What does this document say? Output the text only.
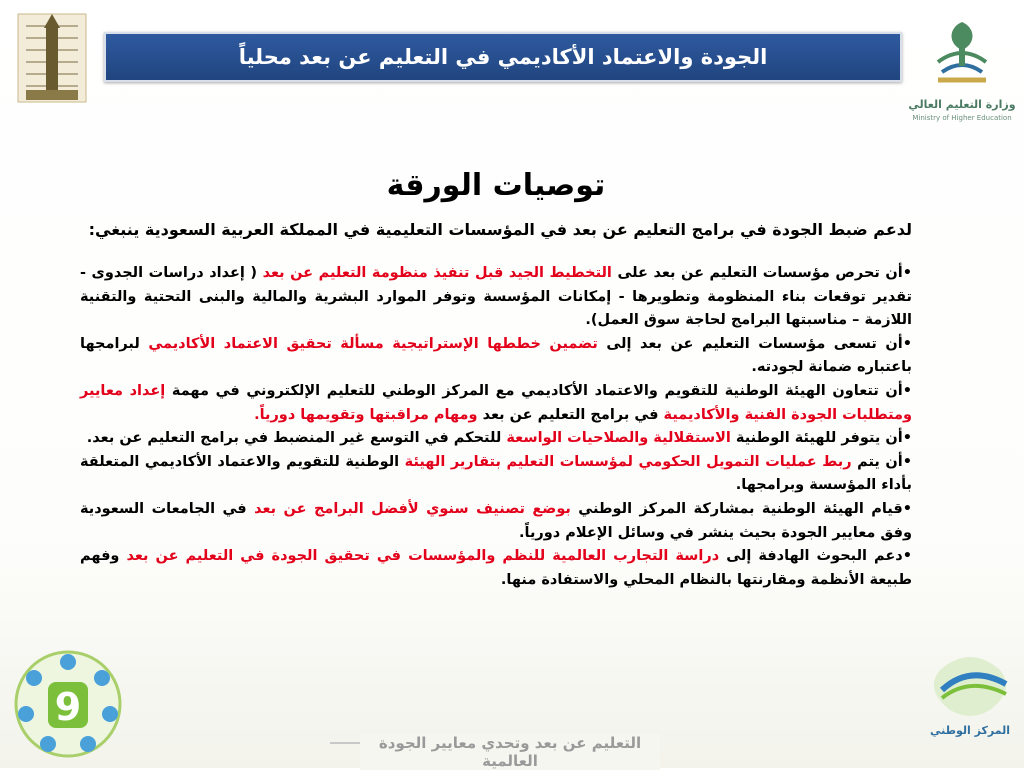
الجودة والاعتماد الأكاديمي في التعليم عن بعد محلياً
وزارة التعليم العالي
Ministry of Higher Education
توصيات الورقة

لدعم ضبط الجودة في برامج التعليم عن بعد في المؤسسات التعليمية في المملكة العربية السعودية ينبغي:

•أن تحرص مؤسسات التعليم عن بعد على التخطيط الجيد قبل تنفيذ منظومة التعليم عن بعد ( إعداد دراسات الجدوى - تقدير توقعات بناء المنظومة وتطويرها - إمكانات المؤسسة وتوفر الموارد البشرية والمالية والبنى التحتية والتقنية اللازمة – مناسبتها البرامج لحاجة سوق العمل).

•أن تسعى مؤسسات التعليم عن بعد إلى تضمين خططها الإستراتيجية مسألة تحقيق الاعتماد الأكاديمي لبرامجها باعتباره ضمانة لجودته.

•أن تتعاون الهيئة الوطنية للتقويم والاعتماد الأكاديمي مع المركز الوطني للتعليم الإلكتروني في مهمة إعداد معايير ومتطلبات الجودة الفنية والأكاديمية في برامج التعليم عن بعد ومهام مراقبتها وتقويمها دورياً.

•أن يتوفر للهيئة الوطنية الاستقلالية والصلاحيات الواسعة للتحكم في التوسع غير المنضبط في برامج التعليم عن بعد.

•أن يتم ربط عمليات التمويل الحكومي لمؤسسات التعليم بتقارير الهيئة الوطنية للتقويم والاعتماد الأكاديمي المتعلقة بأداء المؤسسة وبرامجها.

•قيام الهيئة الوطنية بمشاركة المركز الوطني بوضع تصنيف سنوي لأفضل البرامج عن بعد في الجامعات السعودية وفق معايير الجودة بحيث ينشر في وسائل الإعلام دورياً.

•دعم البحوث الهادفة إلى دراسة التجارب العالمية للنظم والمؤسسات في تحقيق الجودة في التعليم عن بعد وفهم طبيعة الأنظمة ومقارنتها بالنظام المحلي والاستفادة منها.

التعليم عن بعد وتحدي معايير الجودة العالمية
9
المركز الوطني
